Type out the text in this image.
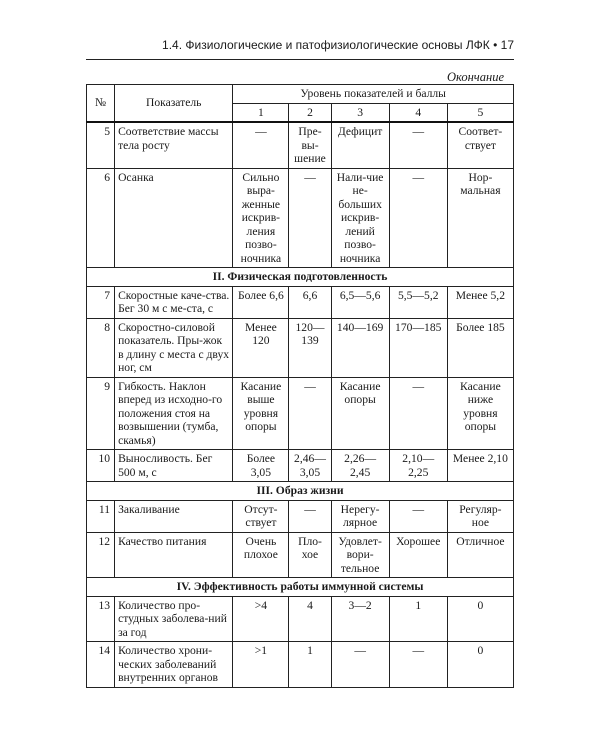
1.4. Физиологические и патофизиологические основы ЛФК • 17
Окончание
№	Показатель	Уровень показателей и баллы				
		1	2	3	4	5
5	Соответствие массы тела росту	—	Пре-вы-шение	Дефицит	—	Соответ-ствует
6	Осанка	Сильно выра-женные искрив-ления позво-ночника	—	Нали-чие не-больших искрив-лений позво-ночника	—	Нор-мальная
II. Физическая подготовленность						
7	Скоростные каче-ства. Бег 30 м с ме-ста, с	Более 6,6	6,6	6,5—5,6	5,5—5,2	Менее 5,2
8	Скоростно-силовой показатель. Пры-жок в длину с места с двух ног, см	Менее 120	120—139	140—169	170—185	Более 185
9	Гибкость. Наклон вперед из исходно-го положения стоя на возвышении (тумба, скамья)	Касание выше уровня опоры	—	Касание опоры	—	Касание ниже уровня опоры
10	Выносливость. Бег 500 м, с	Более 3,05	2,46—3,05	2,26—2,45	2,10—2,25	Менее 2,10
III. Образ жизни						
11	Закаливание	Отсут-ствует	—	Нерегу-лярное	—	Регуляр-ное
12	Качество питания	Очень плохое	Пло-хое	Удовлет-вори-тельное	Хорошее	Отличное
IV. Эффективность работы иммунной системы						
13	Количество про-студных заболева-ний за год	>4	4	3—2	1	0
14	Количество хрони-ческих заболеваний внутренних органов	>1	1	—	—	0
